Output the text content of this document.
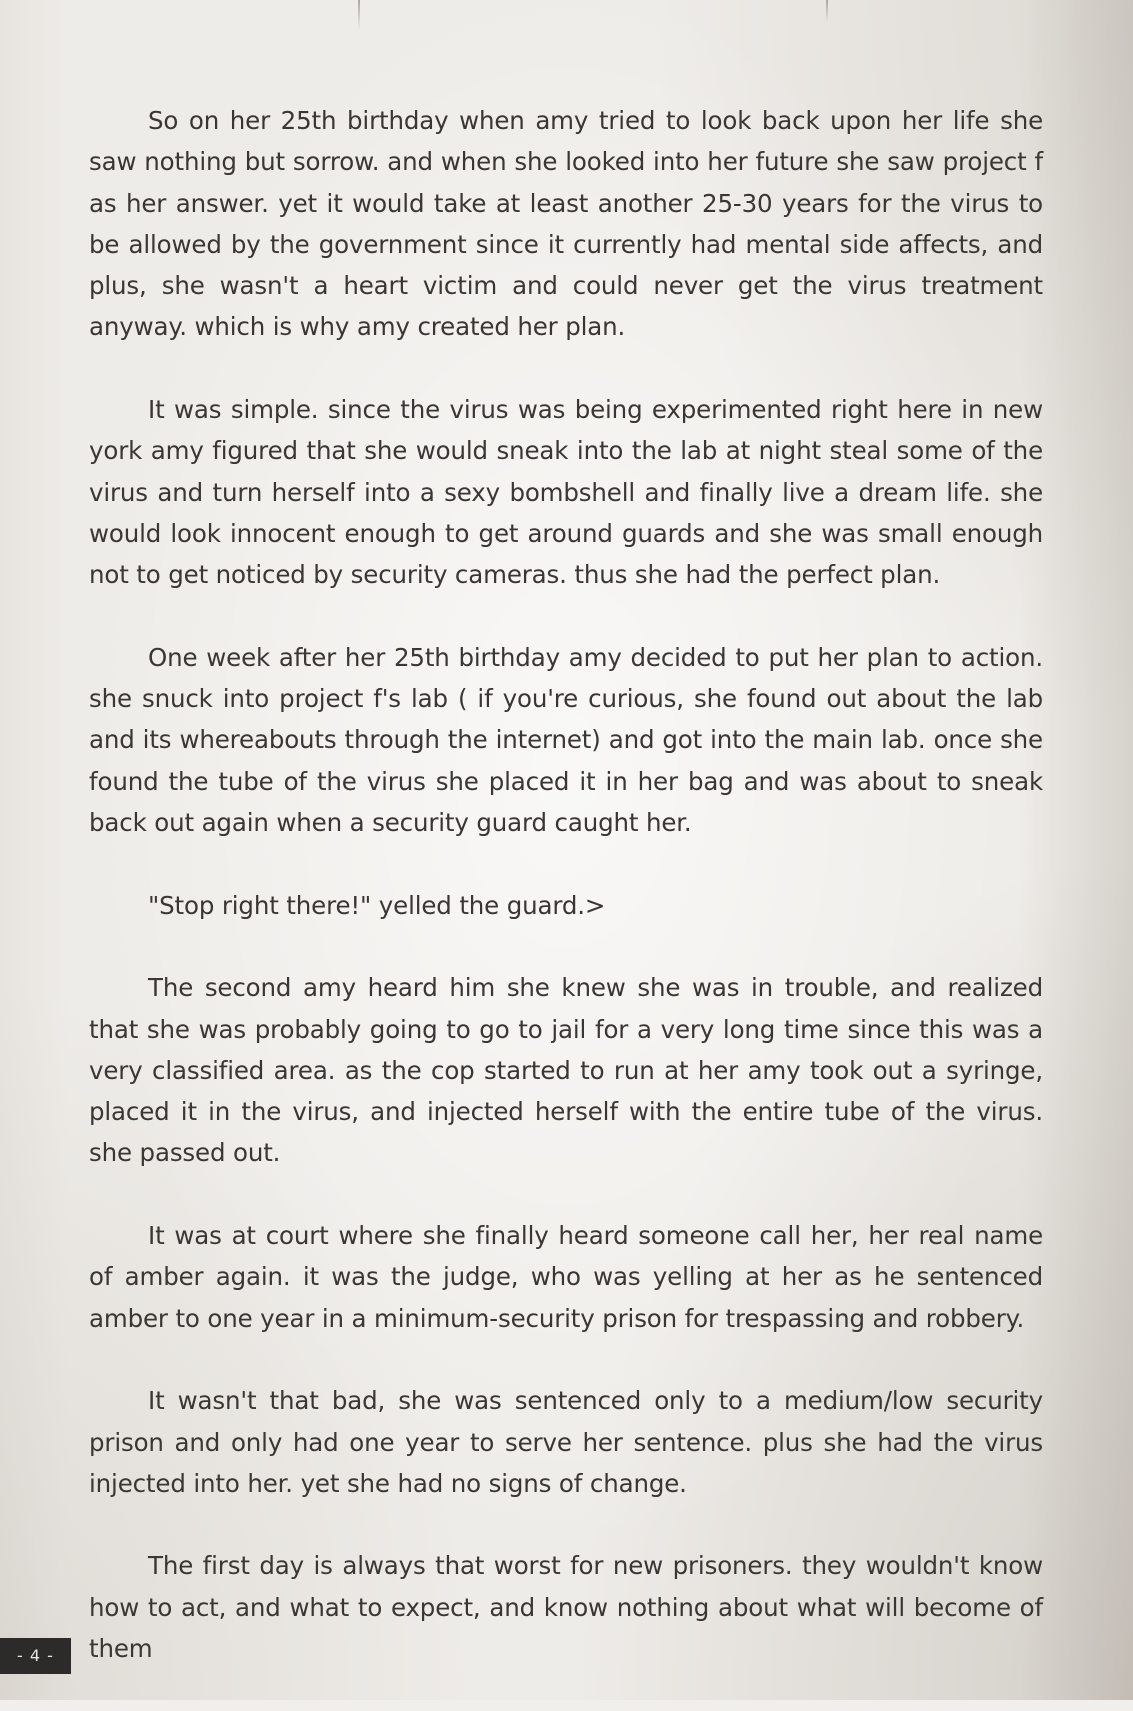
So on her 25th birthday when amy tried to look back upon her life she saw nothing but sorrow. and when she looked into her future she saw project f as her answer. yet it would take at least another 25-30 years for the virus to be allowed by the government since it currently had mental side affects, and plus, she wasn't a heart victim and could never get the virus treatment anyway. which is why amy created her plan.

It was simple. since the virus was being experimented right here in new york amy figured that she would sneak into the lab at night steal some of the virus and turn herself into a sexy bombshell and finally live a dream life. she would look innocent enough to get around guards and she was small enough not to get noticed by security cameras. thus she had the perfect plan.

One week after her 25th birthday amy decided to put her plan to action. she snuck into project f's lab ( if you're curious, she found out about the lab and its whereabouts through the internet) and got into the main lab. once she found the tube of the virus she placed it in her bag and was about to sneak back out again when a security guard caught her.

"Stop right there!" yelled the guard.>

The second amy heard him she knew she was in trouble, and realized that she was probably going to go to jail for a very long time since this was a very classified area. as the cop started to run at her amy took out a syringe, placed it in the virus, and injected herself with the entire tube of the virus. she passed out.

It was at court where she finally heard someone call her, her real name of amber again. it was the judge, who was yelling at her as he sentenced amber to one year in a minimum-security prison for trespassing and robbery.

It wasn't that bad, she was sentenced only to a medium/low security prison and only had one year to serve her sentence. plus she had the virus injected into her. yet she had no signs of change.

The first day is always that worst for new prisoners. they wouldn't know how to act, and what to expect, and know nothing about what will become of them

- 4 -
